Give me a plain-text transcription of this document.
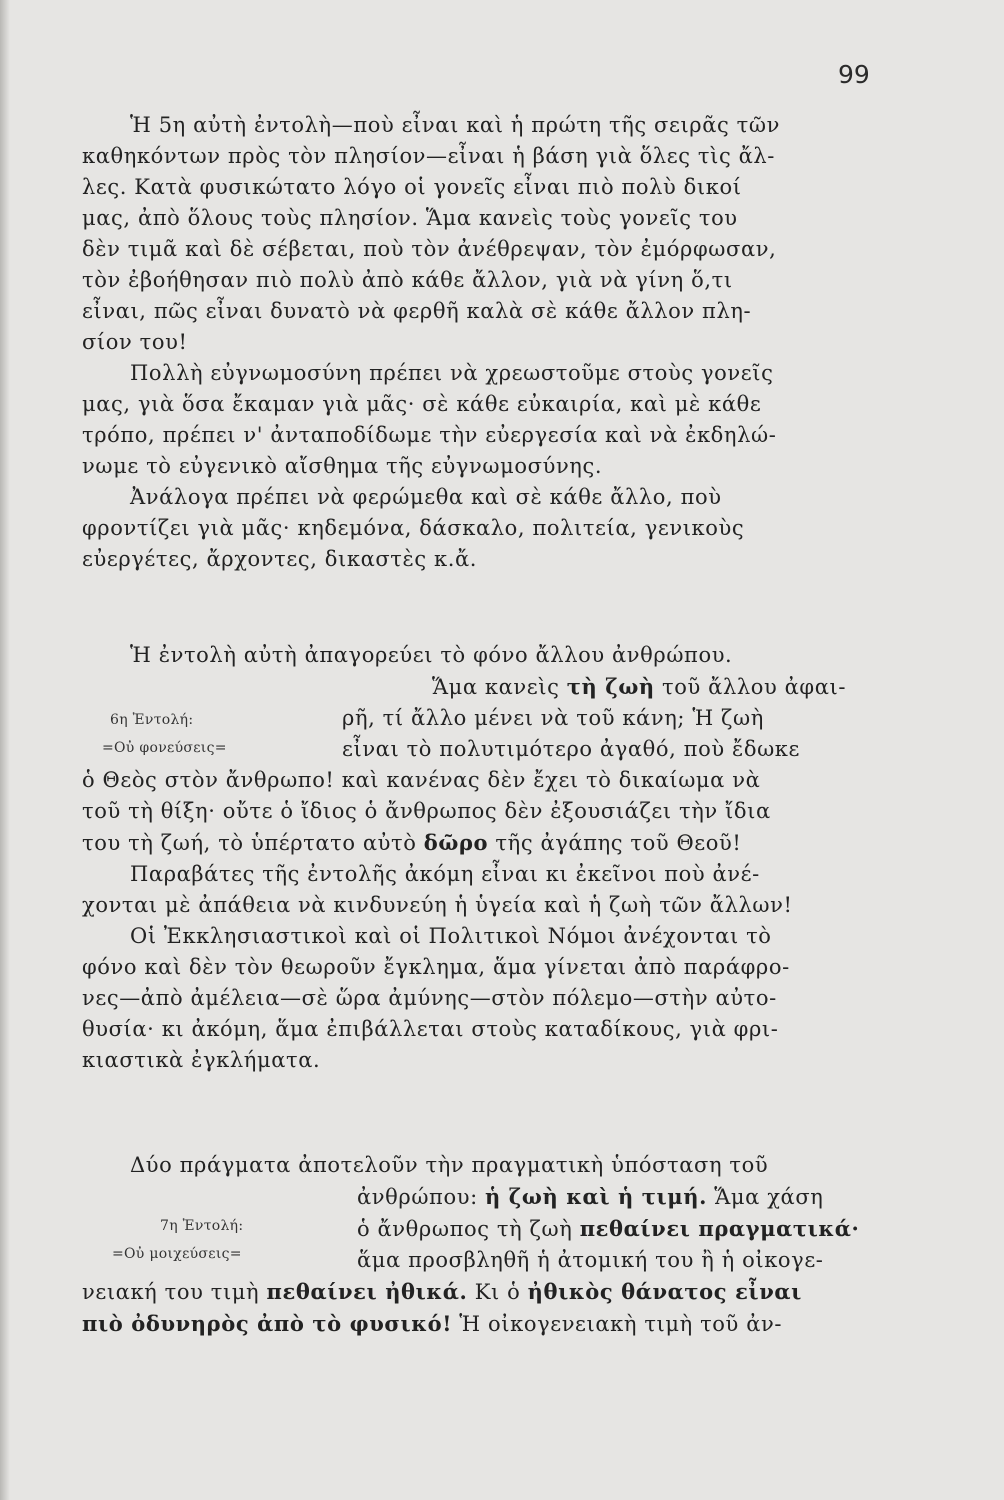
99
Ἡ 5η αὐτὴ ἐντολὴ—ποὺ εἶναι καὶ ἡ πρώτη τῆς σειρᾶς τῶν
καθηκόντων πρὸς τὸν πλησίον—εἶναι ἡ βάση γιὰ ὅλες τὶς ἄλ-
λες. Κατὰ φυσικώτατο λόγο οἱ γονεῖς εἶναι πιὸ πολὺ δικοί
μας, ἀπὸ ὅλους τοὺς πλησίον. Ἅμα κανεὶς τοὺς γονεῖς του
δὲν τιμᾶ καὶ δὲ σέβεται, ποὺ τὸν ἀνέθρεψαν, τὸν ἐμόρφωσαν,
τὸν ἐβοήθησαν πιὸ πολὺ ἀπὸ κάθε ἄλλον, γιὰ νὰ γίνη ὅ,τι
εἶναι, πῶς εἶναι δυνατὸ νὰ φερθῆ καλὰ σὲ κάθε ἄλλον πλη-
σίον του!
Πολλὴ εὐγνωμοσύνη πρέπει νὰ χρεωστοῦμε στοὺς γονεῖς
μας, γιὰ ὅσα ἔκαμαν γιὰ μᾶς· σὲ κάθε εὐκαιρία, καὶ μὲ κάθε
τρόπο, πρέπει ν' ἀνταποδίδωμε τὴν εὐεργεσία καὶ νὰ ἐκδηλώ-
νωμε τὸ εὐγενικὸ αἴσθημα τῆς εὐγνωμοσύνης.
Ἀνάλογα πρέπει νὰ φερώμεθα καὶ σὲ κάθε ἄλλο, ποὺ
φροντίζει γιὰ μᾶς· κηδεμόνα, δάσκαλο, πολιτεία, γενικοὺς
εὐεργέτες, ἄρχοντες, δικαστὲς κ.ἄ.
Ἡ ἐντολὴ αὐτὴ ἀπαγορεύει τὸ φόνο ἄλλου ἀνθρώπου.
Ἅμα κανεὶς τὴ ζωὴ τοῦ ἄλλου ἀφαι-
ρῆ, τί ἄλλο μένει νὰ τοῦ κάνη; Ἡ ζωὴ
εἶναι τὸ πολυτιμότερο ἀγαθό, ποὺ ἔδωκε
ὁ Θεὸς στὸν ἄνθρωπο! καὶ κανένας δὲν ἔχει τὸ δικαίωμα νὰ
τοῦ τὴ θίξη· οὔτε ὁ ἴδιος ὁ ἄνθρωπος δὲν ἐξουσιάζει τὴν ἴδια
του τὴ ζωή, τὸ ὑπέρτατο αὐτὸ δῶρο τῆς ἀγάπης τοῦ Θεοῦ!
Παραβάτες τῆς ἐντολῆς ἀκόμη εἶναι κι ἐκεῖνοι ποὺ ἀνέ-
χονται μὲ ἀπάθεια νὰ κινδυνεύη ἡ ὑγεία καὶ ἡ ζωὴ τῶν ἄλλων!
Οἱ Ἐκκλησιαστικοὶ καὶ οἱ Πολιτικοὶ Νόμοι ἀνέχονται τὸ
φόνο καὶ δὲν τὸν θεωροῦν ἔγκλημα, ἅμα γίνεται ἀπὸ παράφρο-
νες—ἀπὸ ἀμέλεια—σὲ ὥρα ἀμύνης—στὸν πόλεμο—στὴν αὐτο-
θυσία· κι ἀκόμη, ἅμα ἐπιβάλλεται στοὺς καταδίκους, γιὰ φρι-
κιαστικὰ ἐγκλήματα.
6η Ἐντολή:
=Οὐ φονεύσεις=
Δύο πράγματα ἀποτελοῦν τὴν πραγματικὴ ὑπόσταση τοῦ
ἀνθρώπου: ἡ ζωὴ καὶ ἡ τιμή. Ἅμα χάση
ὁ ἄνθρωπος τὴ ζωὴ πεθαίνει πραγματικά·
ἅμα προσβληθῆ ἡ ἀτομική του ἢ ἡ οἰκογε-
νειακή του τιμὴ πεθαίνει ἠθικά. Κι ὁ ἠθικὸς θάνατος εἶναι
πιὸ ὀδυνηρὸς ἀπὸ τὸ φυσικό! Ἡ οἰκογενειακὴ τιμὴ τοῦ ἀν-
7η Ἐντολή:
=Οὐ μοιχεύσεις=
